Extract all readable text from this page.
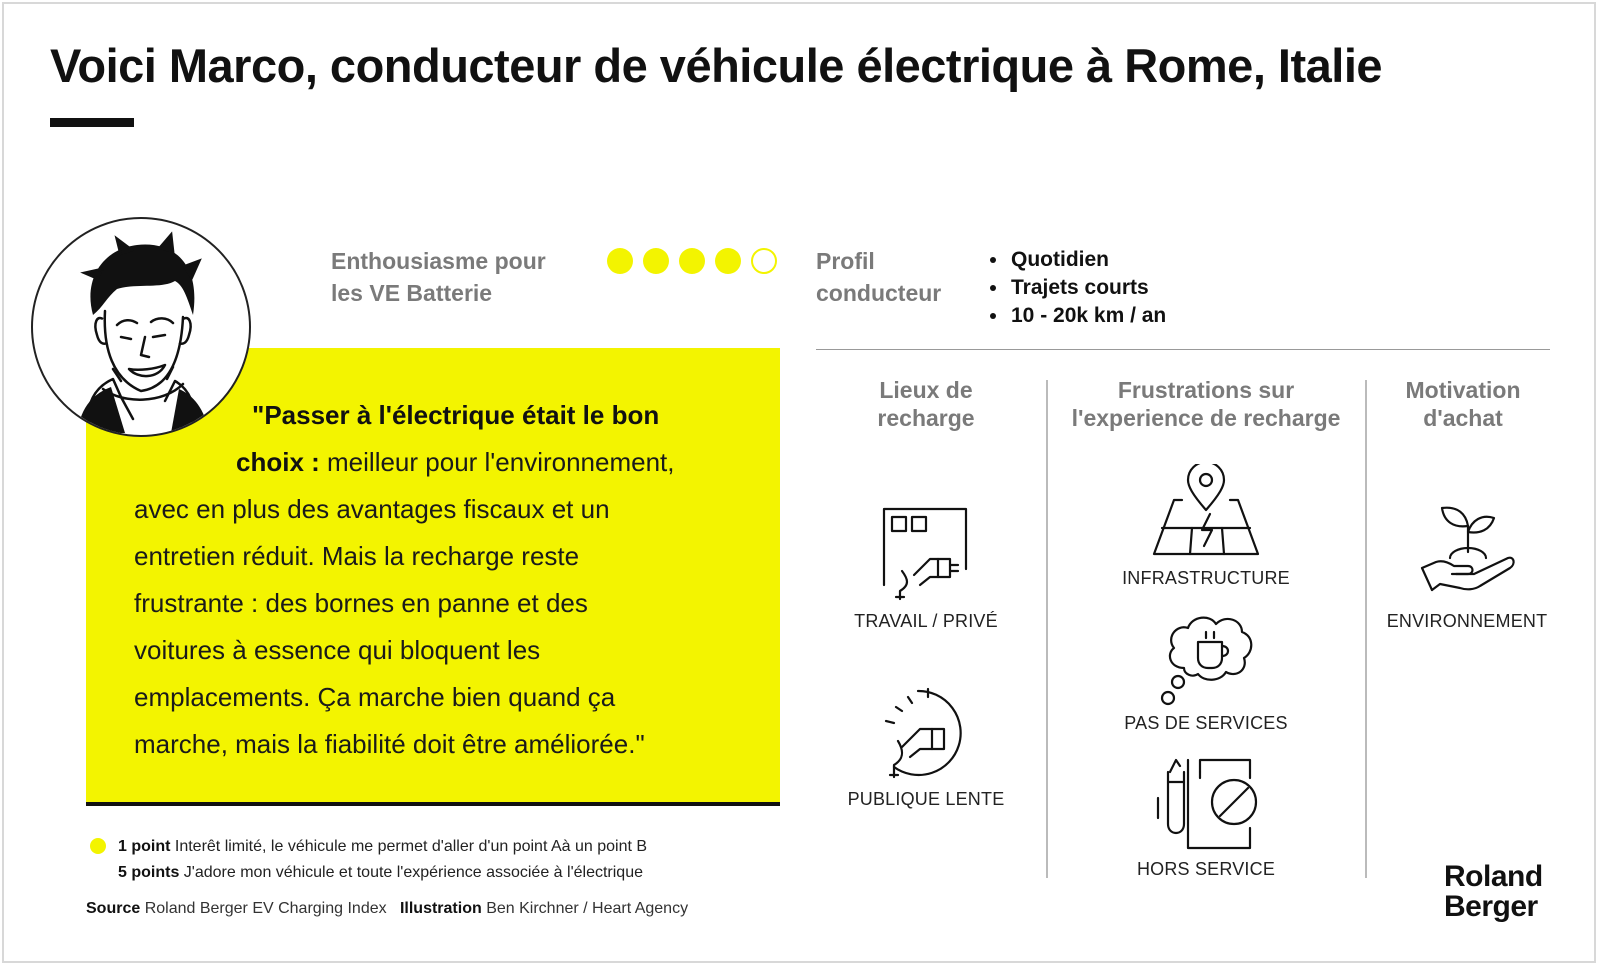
Voici Marco, conducteur de véhicule électrique à Rome, Italie
"Passer à l'électrique était le bon
choix : meilleur pour l'environnement,
avec en plus des avantages fiscaux et un
entretien réduit. Mais la recharge reste
frustrante : des bornes en panne et des
voitures à essence qui bloquent les
emplacements. Ça marche bien quand ça
marche, mais la fiabilité doit être améliorée."
Enthousiasme pour
les VE Batterie
Profil
conducteur
• Quotidien
• Trajets courts
• 10 - 20k km / an
Lieux de
recharge
Frustrations sur
l'experience de recharge
Motivation
d'achat
TRAVAIL / PRIVÉ
PUBLIQUE LENTE
INFRASTRUCTURE
PAS DE SERVICES
HORS SERVICE
ENVIRONNEMENT
1 point Interêt limité, le véhicule me permet d'aller d'un point Aà un point B
5 points J'adore mon véhicule et toute l'expérience associée à l'électrique
Source Roland Berger EV Charging Index Illustration Ben Kirchner / Heart Agency
Roland
Berger
